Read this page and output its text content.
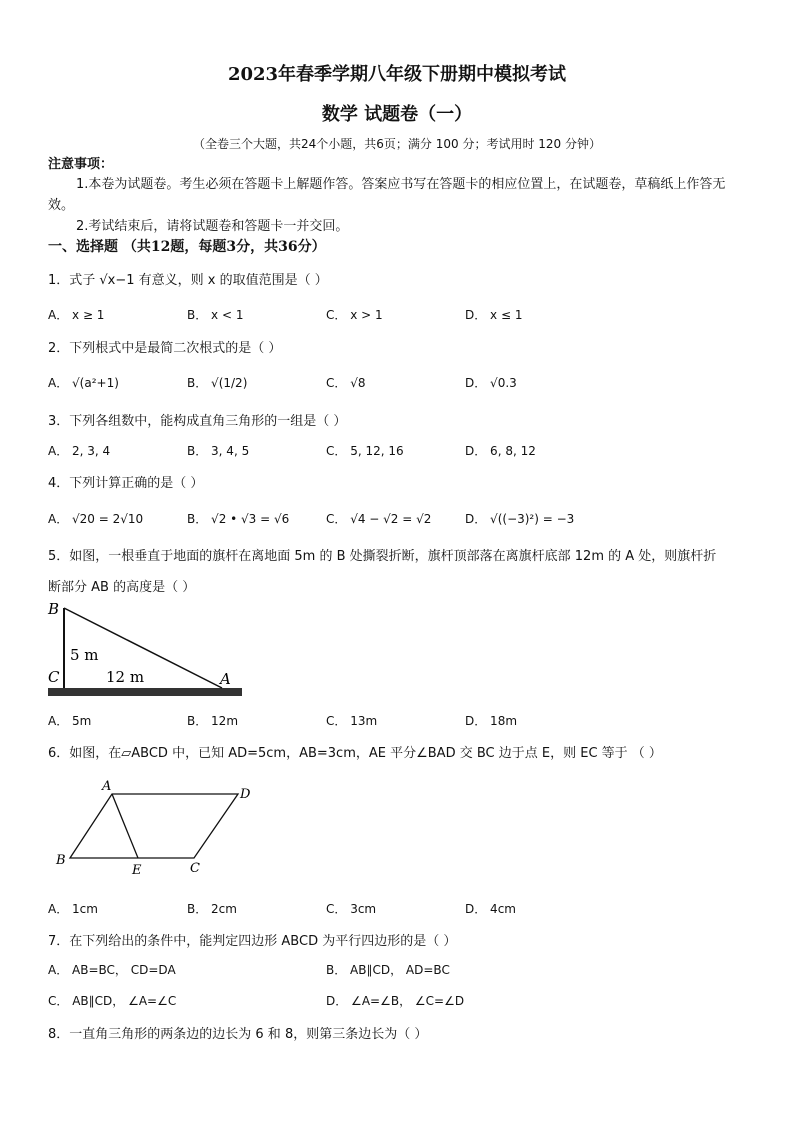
2023年春季学期八年级下册期中模拟考试
数学 试题卷（一）
（全卷三个大题，共24个小题，共6页；满分 100 分；考试用时 120 分钟）
注意事项：
1.本卷为试题卷。考生必须在答题卡上解题作答。答案应书写在答题卡的相应位置上，在试题卷，草稿纸上作答无效。
2.考试结束后，请将试题卷和答题卡一并交回。
一、选择题 （共12题，每题3分，共36分）
1．式子 √x−1 有意义，则 x 的取值范围是（ ）
A． x ≥ 1	B． x < 1	C． x > 1	D． x ≤ 1
2．下列根式中是最简二次根式的是（ ）
A． √(a²+1)	B． √(1/2)	C． √8	D． √0.3
3．下列各组数中，能构成直角三角形的一组是（ ）
A． 2, 3, 4	B． 3, 4, 5	C． 5, 12, 16	D． 6, 8, 12
4．下列计算正确的是（ ）
A． √20 = 2√10	B． √2 • √3 = √6	C． √4 − √2 = √2	D． √((−3)²) = −3
5．如图，一根垂直于地面的旗杆在离地面 5m 的 B 处撕裂折断，旗杆顶部落在离旗杆底部 12m 的 A 处，则旗杆折
断部分 AB 的高度是（ ）
B
C	A
5 m
12 m
A． 5m	B． 12m	C． 13m	D． 18m
6．如图，在▱ABCD 中，已知 AD=5cm，AB=3cm，AE 平分∠BAD 交 BC 边于点 E，则 EC 等于 （ ）
A
D
B
E	C
A． 1cm	B． 2cm	C． 3cm	D． 4cm
7．在下列给出的条件中，能判定四边形 ABCD 为平行四边形的是（ ）
A． AB=BC， CD=DA	B． AB∥CD， AD=BC
C． AB∥CD， ∠A=∠C	D． ∠A=∠B， ∠C=∠D
8．一直角三角形的两条边的边长为 6 和 8，则第三条边长为（ ）
